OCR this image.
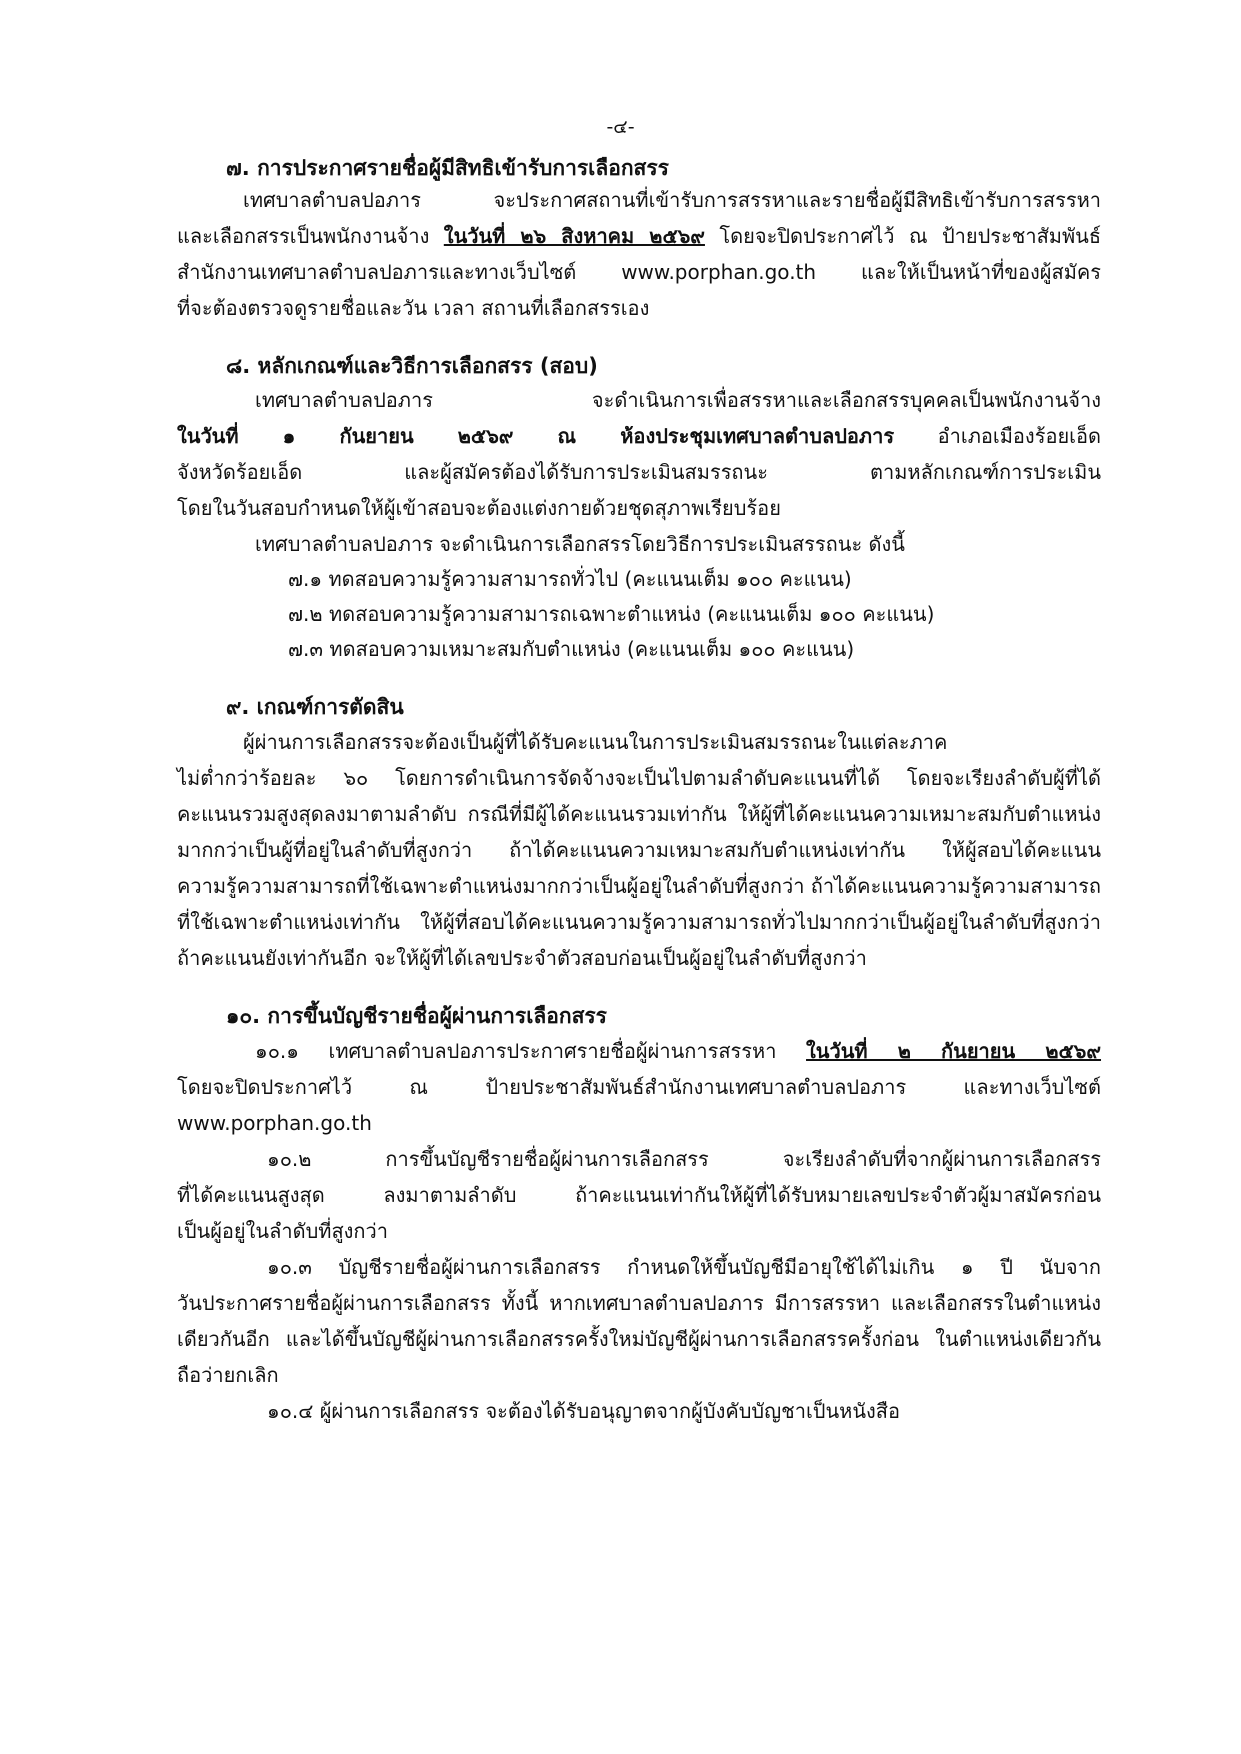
-๔-
๗. การประกาศรายชื่อผู้มีสิทธิเข้ารับการเลือกสรร
เทศบาลตำบลปอภาร จะประกาศสถานที่เข้ารับการสรรหาและรายชื่อผู้มีสิทธิเข้ารับการสรรหา
และเลือกสรรเป็นพนักงานจ้าง ในวันที่ ๒๖ สิงหาคม ๒๕๖๙ โดยจะปิดประกาศไว้ ณ ป้ายประชาสัมพันธ์
สำนักงานเทศบาลตำบลปอภารและทางเว็บไซต์ www.porphan.go.th และให้เป็นหน้าที่ของผู้สมัคร
ที่จะต้องตรวจดูรายชื่อและวัน เวลา สถานที่เลือกสรรเอง
๘. หลักเกณฑ์และวิธีการเลือกสรร (สอบ)
เทศบาลตำบลปอภาร จะดำเนินการเพื่อสรรหาและเลือกสรรบุคคลเป็นพนักงานจ้าง
ในวันที่ ๑ กันยายน ๒๕๖๙ ณ ห้องประชุมเทศบาลตำบลปอภาร อำเภอเมืองร้อยเอ็ด
จังหวัดร้อยเอ็ด และผู้สมัครต้องได้รับการประเมินสมรรถนะ ตามหลักเกณฑ์การประเมิน
โดยในวันสอบกำหนดให้ผู้เข้าสอบจะต้องแต่งกายด้วยชุดสุภาพเรียบร้อย
เทศบาลตำบลปอภาร จะดำเนินการเลือกสรรโดยวิธีการประเมินสรรถนะ ดังนี้
๗.๑ ทดสอบความรู้ความสามารถทั่วไป (คะแนนเต็ม ๑๐๐ คะแนน)
๗.๒ ทดสอบความรู้ความสามารถเฉพาะตำแหน่ง (คะแนนเต็ม ๑๐๐ คะแนน)
๗.๓ ทดสอบความเหมาะสมกับตำแหน่ง (คะแนนเต็ม ๑๐๐ คะแนน)
๙. เกณฑ์การตัดสิน
ผู้ผ่านการเลือกสรรจะต้องเป็นผู้ที่ได้รับคะแนนในการประเมินสมรรถนะในแต่ละภาค
ไม่ต่ำกว่าร้อยละ ๖๐ โดยการดำเนินการจัดจ้างจะเป็นไปตามลำดับคะแนนที่ได้ โดยจะเรียงลำดับผู้ที่ได้
คะแนนรวมสูงสุดลงมาตามลำดับ กรณีที่มีผู้ได้คะแนนรวมเท่ากัน ให้ผู้ที่ได้คะแนนความเหมาะสมกับตำแหน่ง
มากกว่าเป็นผู้ที่อยู่ในลำดับที่สูงกว่า ถ้าได้คะแนนความเหมาะสมกับตำแหน่งเท่ากัน ให้ผู้สอบได้คะแนน
ความรู้ความสามารถที่ใช้เฉพาะตำแหน่งมากกว่าเป็นผู้อยู่ในลำดับที่สูงกว่า ถ้าได้คะแนนความรู้ความสามารถ
ที่ใช้เฉพาะตำแหน่งเท่ากัน ให้ผู้ที่สอบได้คะแนนความรู้ความสามารถทั่วไปมากกว่าเป็นผู้อยู่ในลำดับที่สูงกว่า
ถ้าคะแนนยังเท่ากันอีก จะให้ผู้ที่ได้เลขประจำตัวสอบก่อนเป็นผู้อยู่ในลำดับที่สูงกว่า
๑๐. การขึ้นบัญชีรายชื่อผู้ผ่านการเลือกสรร
๑๐.๑ เทศบาลตำบลปอภารประกาศรายชื่อผู้ผ่านการสรรหา ในวันที่ ๒ กันยายน ๒๕๖๙
โดยจะปิดประกาศไว้ ณ ป้ายประชาสัมพันธ์สำนักงานเทศบาลตำบลปอภาร และทางเว็บไซต์
www.porphan.go.th
๑๐.๒ การขึ้นบัญชีรายชื่อผู้ผ่านการเลือกสรร จะเรียงลำดับที่จากผู้ผ่านการเลือกสรร
ที่ได้คะแนนสูงสุด ลงมาตามลำดับ ถ้าคะแนนเท่ากันให้ผู้ที่ได้รับหมายเลขประจำตัวผู้มาสมัครก่อน
เป็นผู้อยู่ในลำดับที่สูงกว่า
๑๐.๓ บัญชีรายชื่อผู้ผ่านการเลือกสรร กำหนดให้ขึ้นบัญชีมีอายุใช้ได้ไม่เกิน ๑ ปี นับจาก
วันประกาศรายชื่อผู้ผ่านการเลือกสรร ทั้งนี้ หากเทศบาลตำบลปอภาร มีการสรรหา และเลือกสรรในตำแหน่ง
เดียวกันอีก และได้ขึ้นบัญชีผู้ผ่านการเลือกสรรครั้งใหม่บัญชีผู้ผ่านการเลือกสรรครั้งก่อน ในตำแหน่งเดียวกัน
ถือว่ายกเลิก
๑๐.๔ ผู้ผ่านการเลือกสรร จะต้องได้รับอนุญาตจากผู้บังคับบัญชาเป็นหนังสือ
